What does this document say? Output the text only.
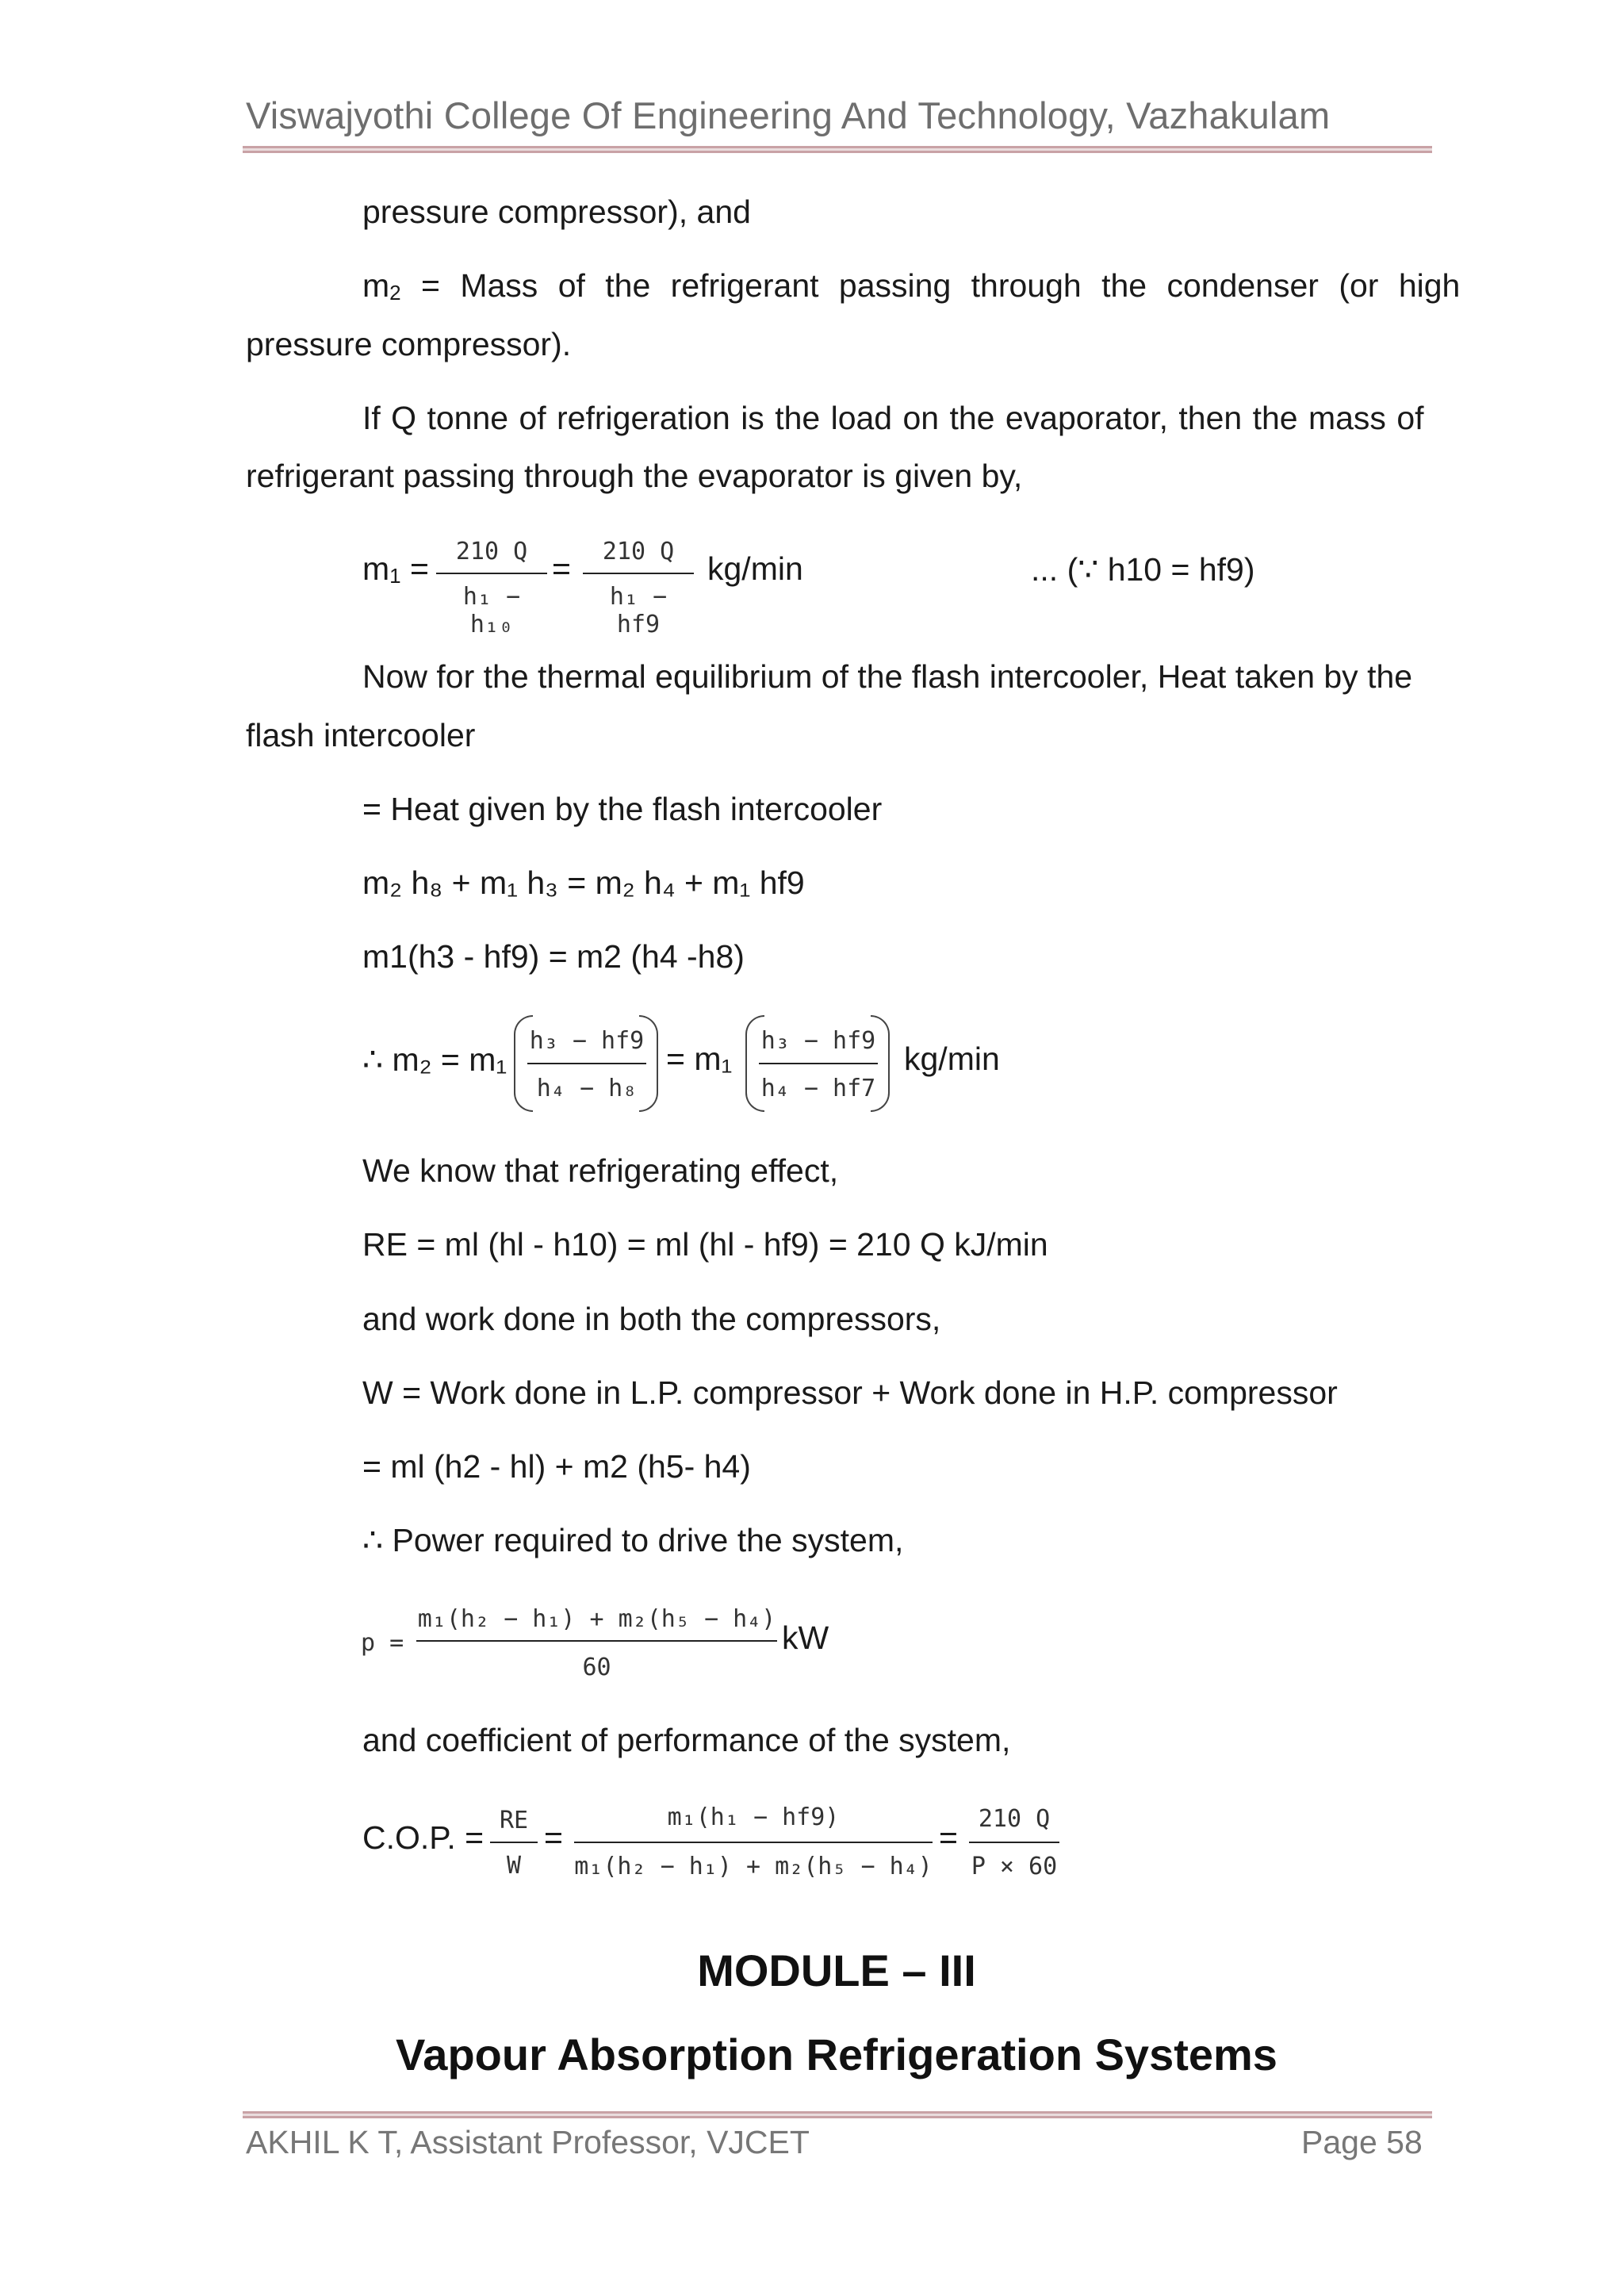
Viswajyothi College Of Engineering And Technology, Vazhakulam
pressure compressor), and
$m_2$ = Mass of the refrigerant passing through the condenser (or high
pressure compressor).
If Q tonne of refrigeration is the load on the evaporator, then the mass of
refrigerant passing through the evaporator is given by,
$m_1$ =	210 Q
h₁ − h₁₀
=	210 Q
h₁ − hf9
kg/min	... (∵ h10 = hf9)
Now for the thermal equilibrium of the flash intercooler, Heat taken by the
flash intercooler
= Heat given by the flash intercooler
m₂ h₈ + m₁ h₃ = m₂ h₄ + m₁ hf9
m1(h3 - hf9) = m2 (h4 -h8)
∴ m₂ = m₁
h₃ − hf9
h₄ − h₈
= m₁ h₃ − hf9
h₄ − hf7
kg/min
We know that refrigerating effect,
RE = ml (hl - h10) = ml (hl - hf9) = 210 Q kJ/min
and work done in both the compressors,
W = Work done in L.P. compressor + Work done in H.P. compressor
= ml (h2 - hl) + m2 (h5- h4)
∴ Power required to drive the system,
p =
m₁(h₂ − h₁) + m₂(h₅ − h₄)
60
kW
and coefficient of performance of the system,
C.O.P. = RE
W
=
m₁(h₁ − hf9)
m₁(h₂ − h₁) + m₂(h₅ − h₄)
=
210 Q
P × 60
MODULE – III
Vapour Absorption Refrigeration Systems
AKHIL K T, Assistant Professor, VJCET	Page 58
